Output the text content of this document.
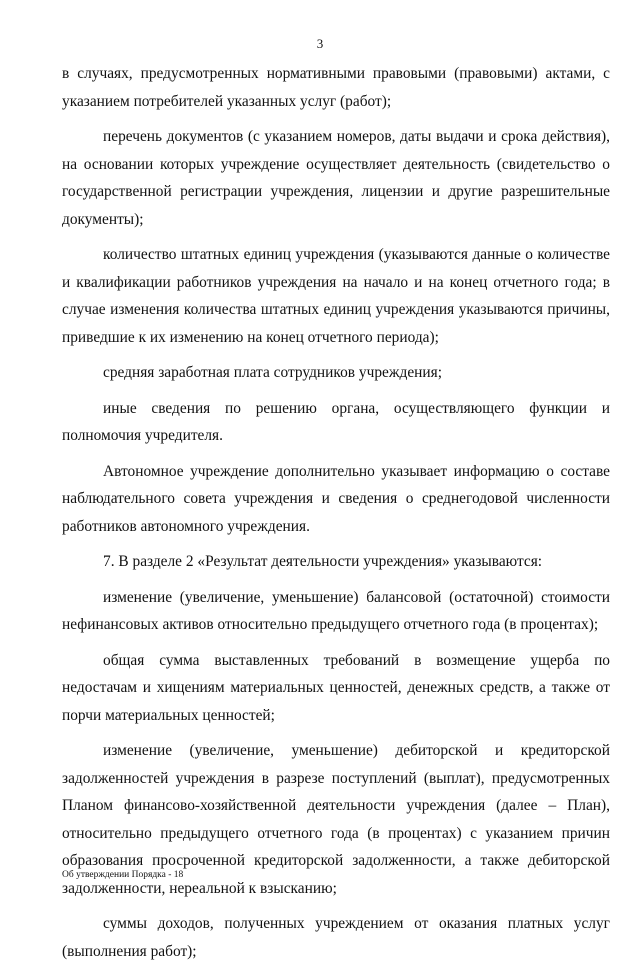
3

в случаях, предусмотренных нормативными правовыми (правовыми) актами, с указанием потребителей указанных услуг (работ);

перечень документов (с указанием номеров, даты выдачи и срока действия), на основании которых учреждение осуществляет деятельность (свидетельство о государственной регистрации учреждения, лицензии и другие разрешительные документы);

количество штатных единиц учреждения (указываются данные о количестве и квалификации работников учреждения на начало и на конец отчетного года; в случае изменения количества штатных единиц учреждения указываются причины, приведшие к их изменению на конец отчетного периода);

средняя заработная плата сотрудников учреждения;

иные сведения по решению органа, осуществляющего функции и полномочия учредителя.

Автономное учреждение дополнительно указывает информацию о составе наблюдательного совета учреждения и сведения о среднегодовой численности работников автономного учреждения.

7. В разделе 2 «Результат деятельности учреждения» указываются:

изменение (увеличение, уменьшение) балансовой (остаточной) стоимости нефинансовых активов относительно предыдущего отчетного года (в процентах);

общая сумма выставленных требований в возмещение ущерба по недостачам и хищениям материальных ценностей, денежных средств, а также от порчи материальных ценностей;

изменение (увеличение, уменьшение) дебиторской и кредиторской задолженностей учреждения в разрезе поступлений (выплат), предусмотренных Планом финансово-хозяйственной деятельности учреждения (далее – План), относительно предыдущего отчетного года (в процентах) с указанием причин образования просроченной кредиторской задолженности, а также дебиторской задолженности, нереальной к взысканию;

суммы доходов, полученных учреждением от оказания платных услуг (выполнения работ);

Об утверждении Порядка - 18
